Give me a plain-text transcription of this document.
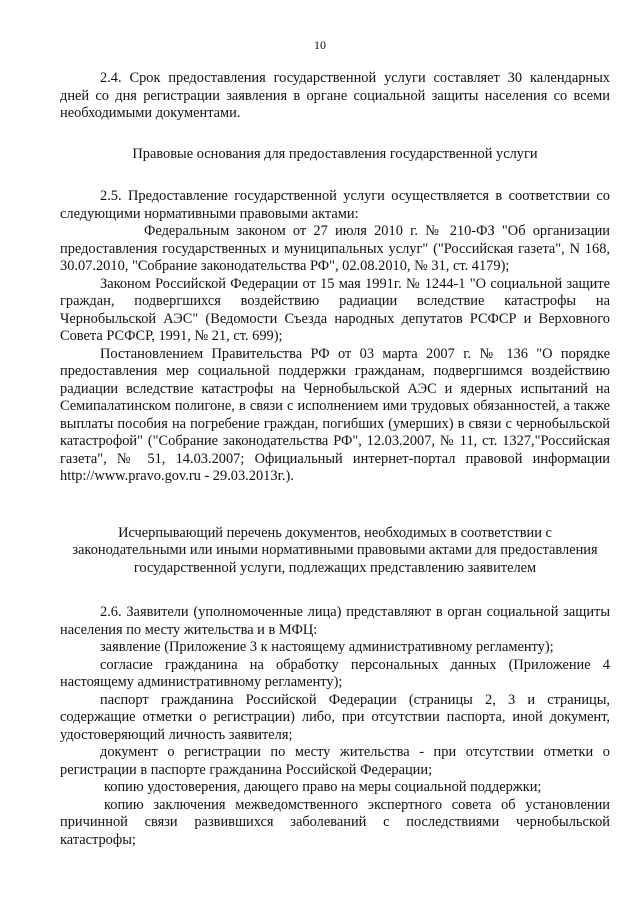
10

2.4. Срок предоставления государственной услуги составляет 30 календарных дней со дня регистрации заявления в органе социальной защиты населения со всеми необходимыми документами.

Правовые основания для предоставления государственной услуги

2.5. Предоставление государственной услуги осуществляется в соответствии со следующими нормативными правовыми актами:

Федеральным законом от 27 июля 2010 г. № 210-ФЗ "Об организации предоставления государственных и муниципальных услуг" ("Российская газета", N 168, 30.07.2010, "Собрание законодательства РФ", 02.08.2010, № 31, ст. 4179);

Законом Российской Федерации от 15 мая 1991г. № 1244-1 "О социальной защите граждан, подвергшихся воздействию радиации вследствие катастрофы на Чернобыльской АЭС" (Ведомости Съезда народных депутатов РСФСР и Верховного Совета РСФСР, 1991, № 21, ст. 699);

Постановлением Правительства РФ от 03 марта 2007 г. № 136 "О порядке предоставления мер социальной поддержки гражданам, подвергшимся воздействию радиации вследствие катастрофы на Чернобыльской АЭС и ядерных испытаний на Семипалатинском полигоне, в связи с исполнением ими трудовых обязанностей, а также выплаты пособия на погребение граждан, погибших (умерших) в связи с чернобыльской катастрофой" ("Собрание законодательства РФ", 12.03.2007, № 11, ст. 1327,"Российская газета", № 51, 14.03.2007; Официальный интернет-портал правовой информации http://www.pravo.gov.ru - 29.03.2013г.).

Исчерпывающий перечень документов, необходимых в соответствии с законодательными или иными нормативными правовыми актами для предоставления государственной услуги, подлежащих представлению заявителем

2.6. Заявители (уполномоченные лица) представляют в орган социальной защиты населения по месту жительства и в МФЦ:

заявление (Приложение 3 к настоящему административному регламенту);

согласие гражданина на обработку персональных данных (Приложение 4 настоящему административному регламенту);

паспорт гражданина Российской Федерации (страницы 2, 3 и страницы, содержащие отметки о регистрации) либо, при отсутствии паспорта, иной документ, удостоверяющий личность заявителя;

документ о регистрации по месту жительства - при отсутствии отметки о регистрации в паспорте гражданина Российской Федерации;

копию удостоверения, дающего право на меры социальной поддержки;

копию заключения межведомственного экспертного совета об установлении причинной связи развившихся заболеваний с последствиями чернобыльской катастрофы;
